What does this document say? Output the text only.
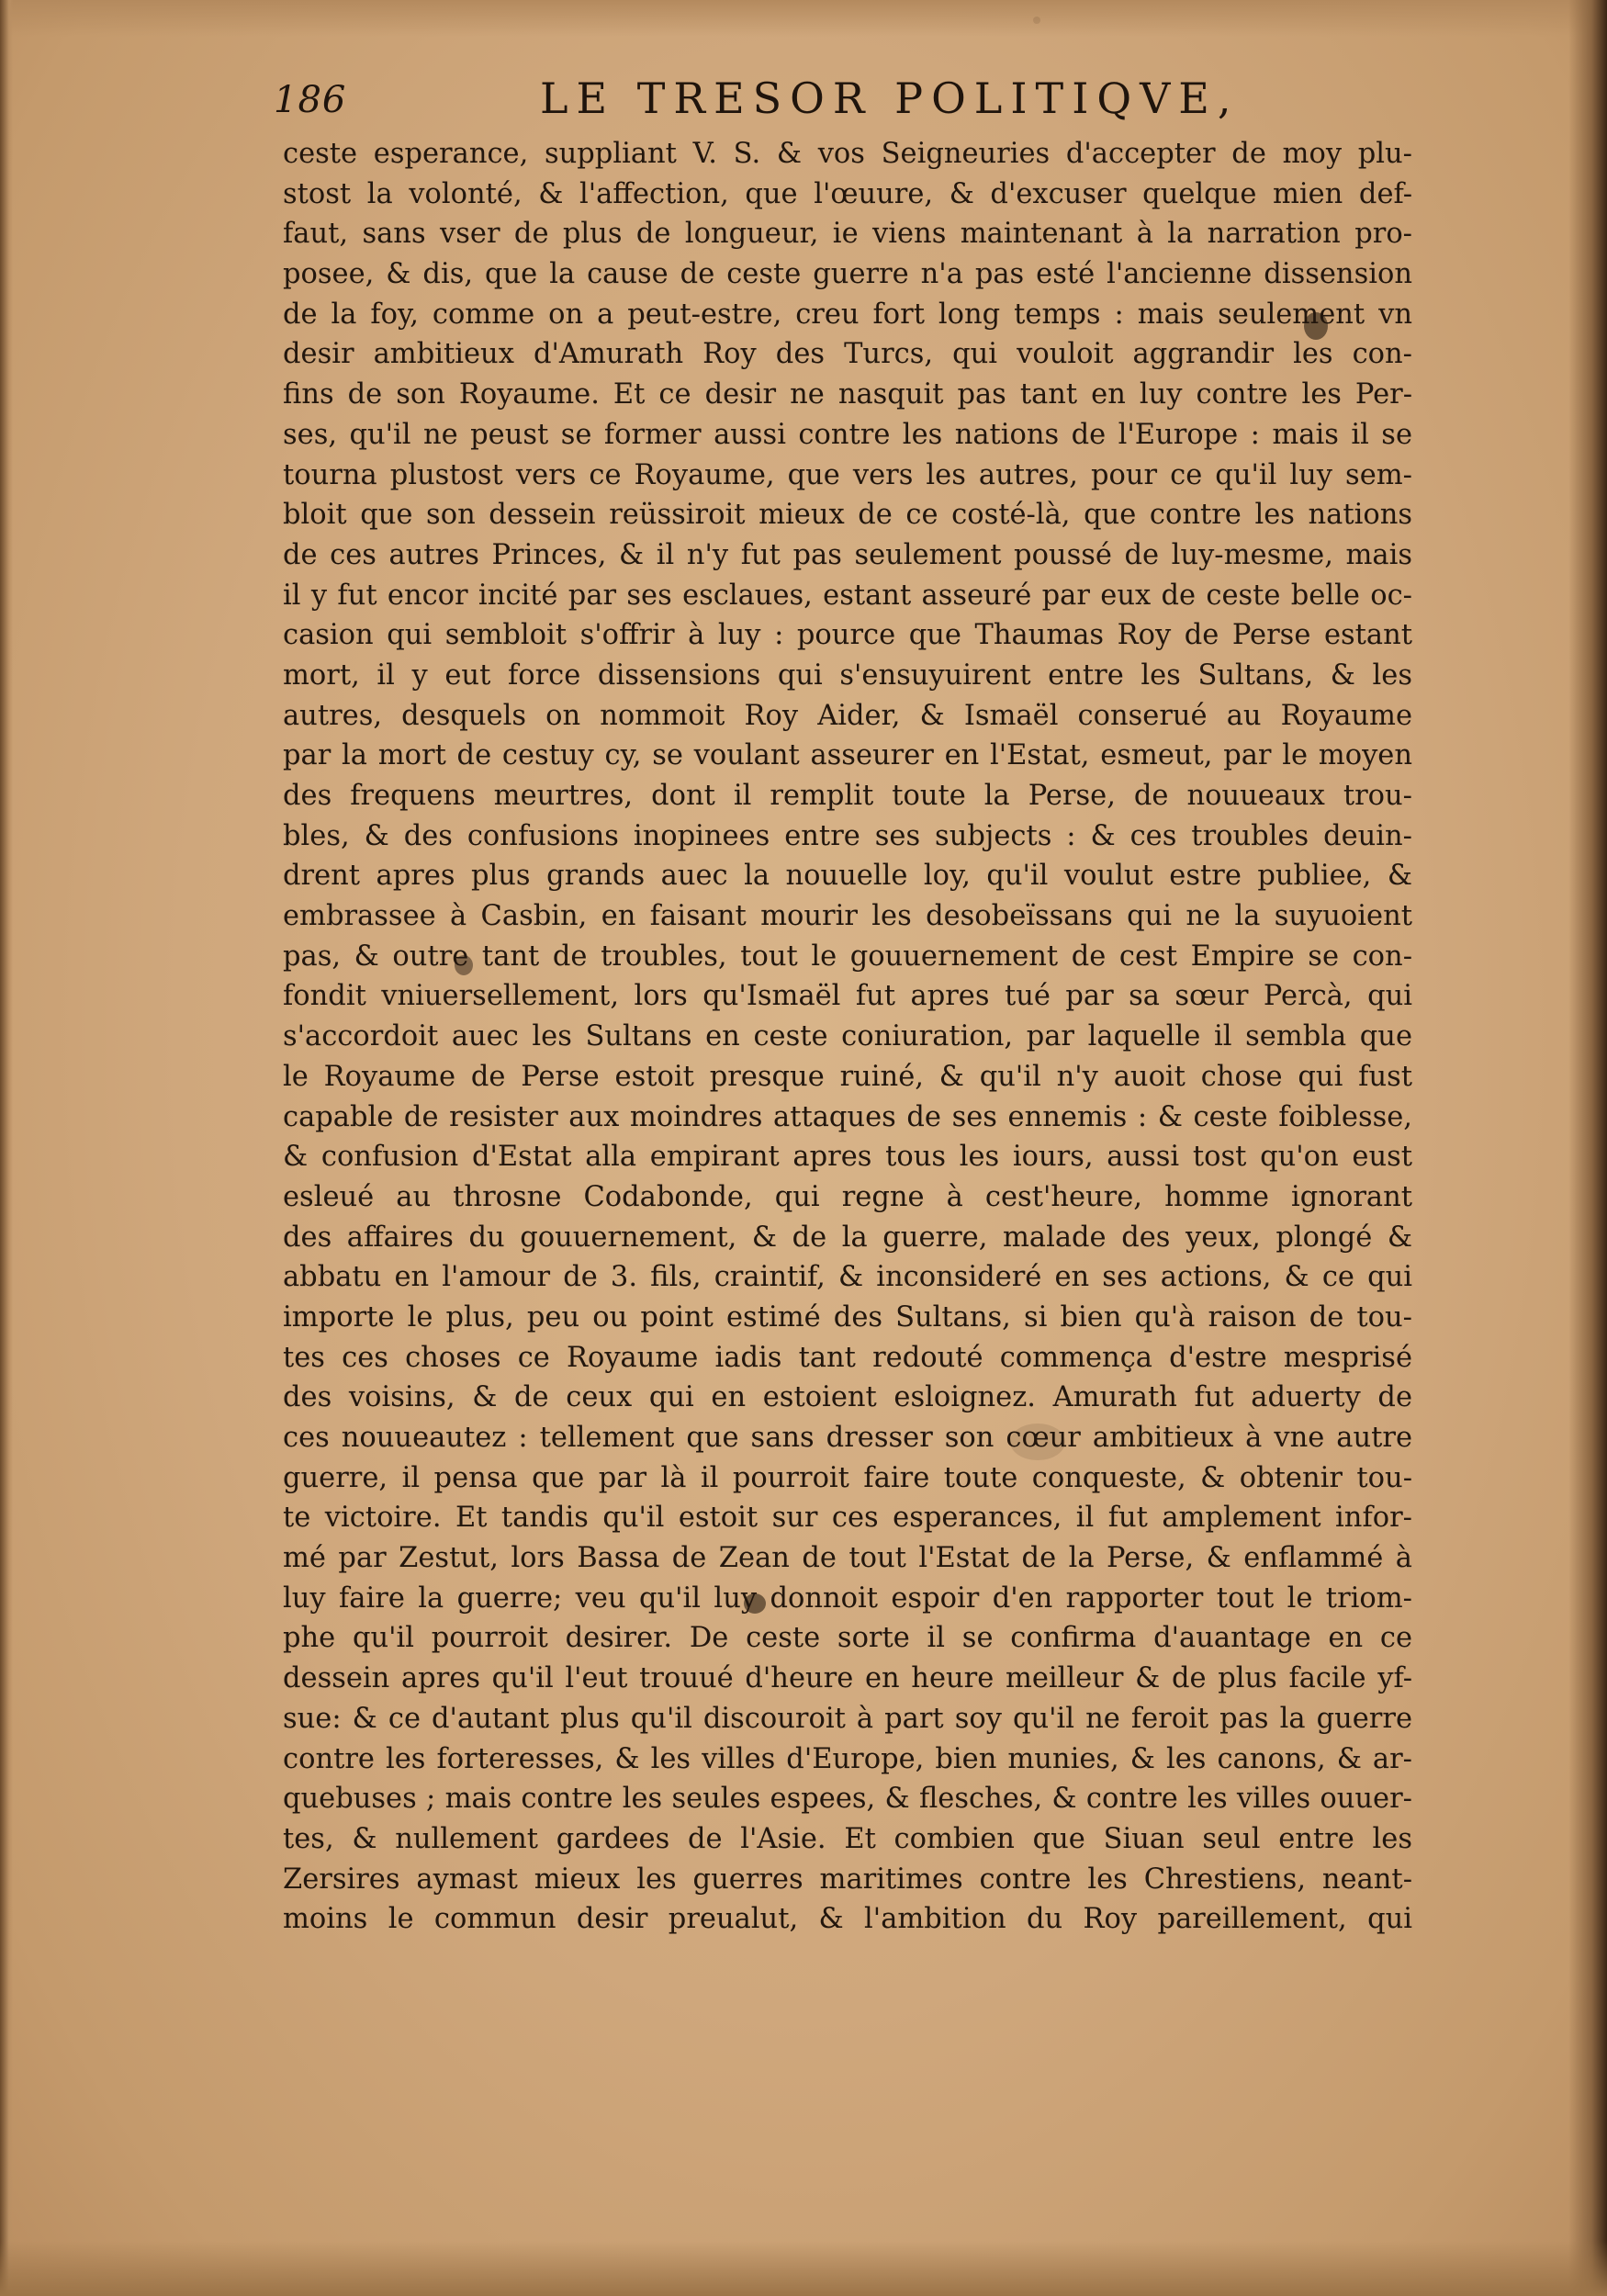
186	LE TRESOR POLITIQVE,
ceste esperance, suppliant V. S. & vos Seigneuries d'accepter de moy plu-
stost la volonté, & l'affection, que l'œuure, & d'excuser quelque mien def-
faut, sans vser de plus de longueur, ie viens maintenant à la narration pro-
posee, & dis, que la cause de ceste guerre n'a pas esté l'ancienne dissension
de la foy, comme on a peut-estre, creu fort long temps : mais seulement vn
desir ambitieux d'Amurath Roy des Turcs, qui vouloit aggrandir les con-
fins de son Royaume. Et ce desir ne nasquit pas tant en luy contre les Per-
ses, qu'il ne peust se former aussi contre les nations de l'Europe : mais il se
tourna plustost vers ce Royaume, que vers les autres, pour ce qu'il luy sem-
bloit que son dessein reüssiroit mieux de ce costé-là, que contre les nations
de ces autres Princes, & il n'y fut pas seulement poussé de luy-mesme, mais
il y fut encor incité par ses esclaues, estant asseuré par eux de ceste belle oc-
casion qui sembloit s'offrir à luy : pource que Thaumas Roy de Perse estant
mort, il y eut force dissensions qui s'ensuyuirent entre les Sultans, & les
autres, desquels on nommoit Roy Aider, & Ismaël conserué au Royaume
par la mort de cestuy cy, se voulant asseurer en l'Estat, esmeut, par le moyen
des frequens meurtres, dont il remplit toute la Perse, de nouueaux trou-
bles, & des confusions inopinees entre ses subjects : & ces troubles deuin-
drent apres plus grands auec la nouuelle loy, qu'il voulut estre publiee, &
embrassee à Casbin, en faisant mourir les desobeïssans qui ne la suyuoient
pas, & outre tant de troubles, tout le gouuernement de cest Empire se con-
fondit vniuersellement, lors qu'Ismaël fut apres tué par sa sœur Percà, qui
s'accordoit auec les Sultans en ceste coniuration, par laquelle il sembla que
le Royaume de Perse estoit presque ruiné, & qu'il n'y auoit chose qui fust
capable de resister aux moindres attaques de ses ennemis : & ceste foiblesse,
& confusion d'Estat alla empirant apres tous les iours, aussi tost qu'on eust
esleué au throsne Codabonde, qui regne à cest'heure, homme ignorant
des affaires du gouuernement, & de la guerre, malade des yeux, plongé &
abbatu en l'amour de 3. fils, craintif, & inconsideré en ses actions, & ce qui
importe le plus, peu ou point estimé des Sultans, si bien qu'à raison de tou-
tes ces choses ce Royaume iadis tant redouté commença d'estre mesprisé
des voisins, & de ceux qui en estoient esloignez. Amurath fut aduerty de
ces nouueautez : tellement que sans dresser son cœur ambitieux à vne autre
guerre, il pensa que par là il pourroit faire toute conqueste, & obtenir tou-
te victoire. Et tandis qu'il estoit sur ces esperances, il fut amplement infor-
mé par Zestut, lors Bassa de Zean de tout l'Estat de la Perse, & enflammé à
luy faire la guerre; veu qu'il luy donnoit espoir d'en rapporter tout le triom-
phe qu'il pourroit desirer. De ceste sorte il se confirma d'auantage en ce
dessein apres qu'il l'eut trouué d'heure en heure meilleur & de plus facile yf-
sue: & ce d'autant plus qu'il discouroit à part soy qu'il ne feroit pas la guerre
contre les forteresses, & les villes d'Europe, bien munies, & les canons, & ar-
quebuses ; mais contre les seules espees, & flesches, & contre les villes ouuer-
tes, & nullement gardees de l'Asie. Et combien que Siuan seul entre les
Zersires aymast mieux les guerres maritimes contre les Chrestiens, neant-
moins le commun desir preualut, & l'ambition du Roy pareillement, qui
